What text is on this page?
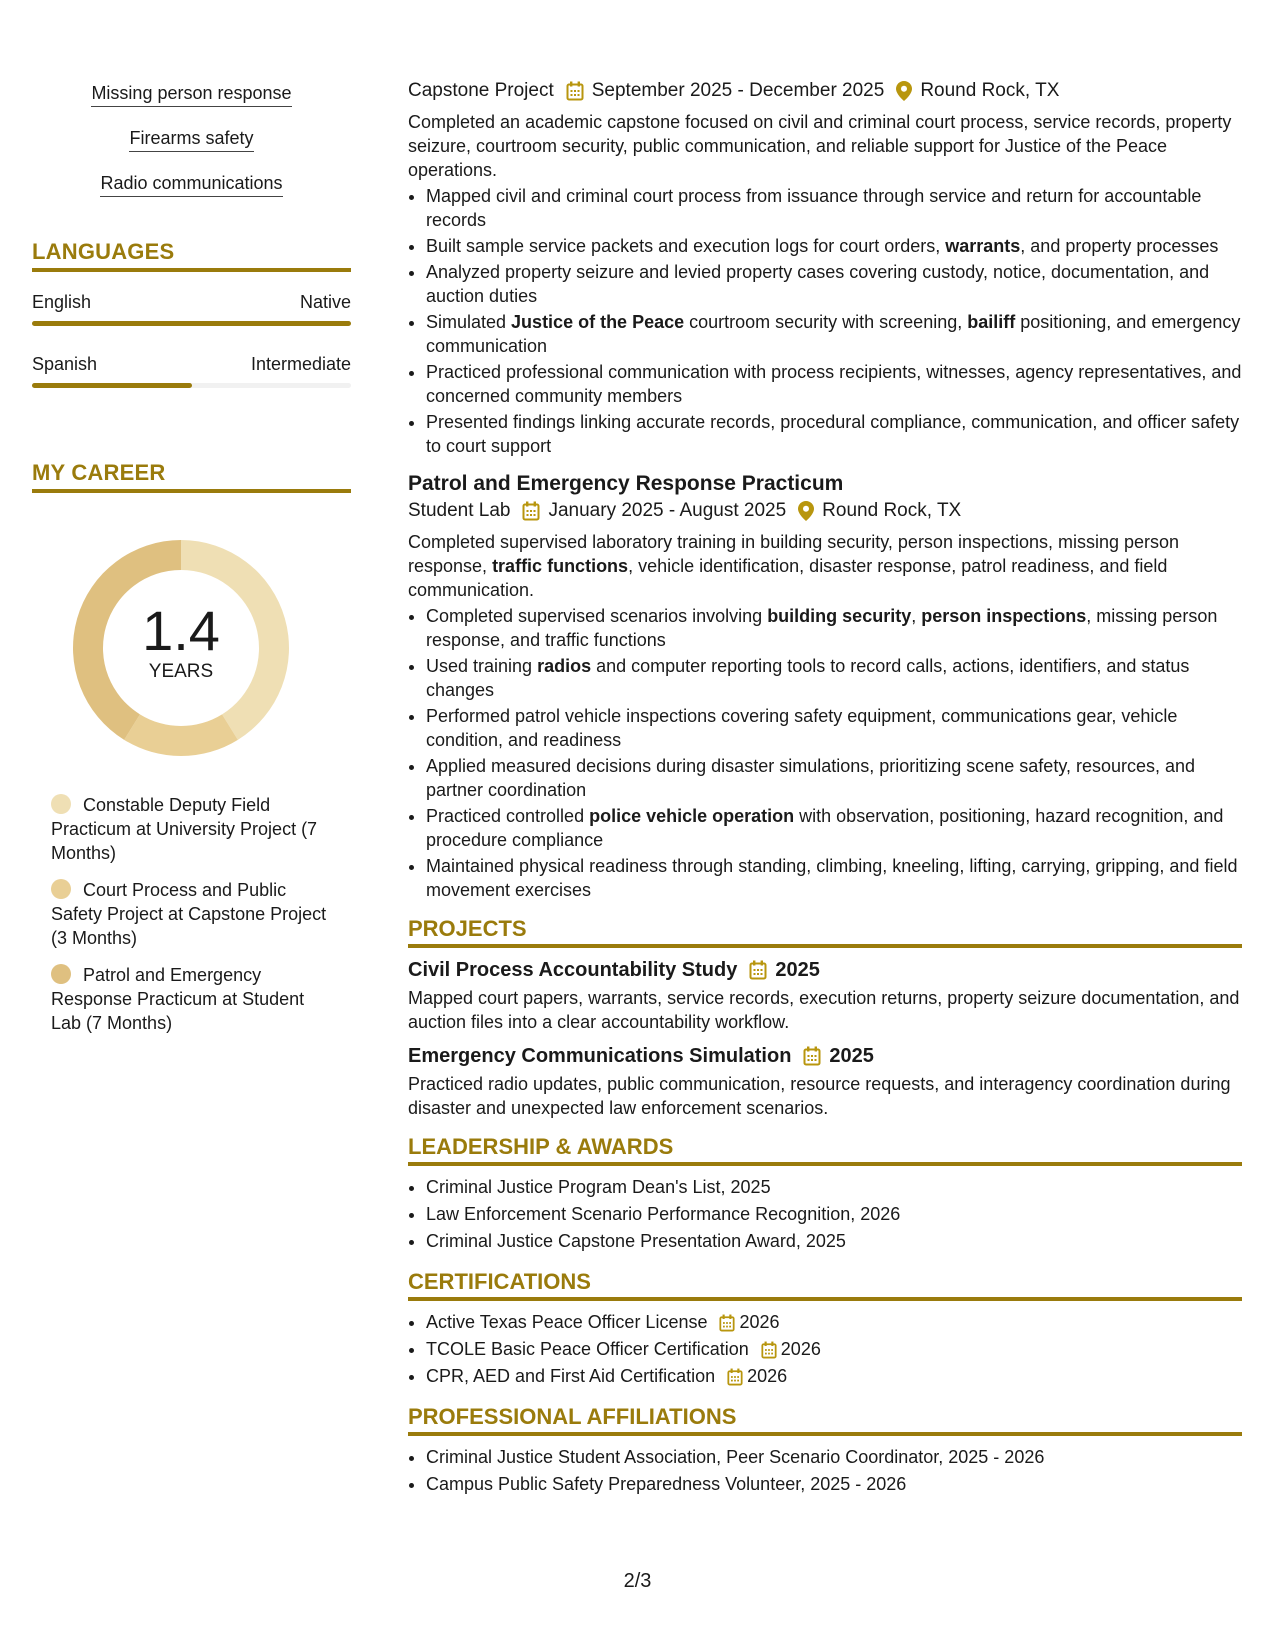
Missing person response
Firearms safety
Radio communications
LANGUAGES
English	Native
Spanish	Intermediate
MY CAREER
1.4
YEARS
Constable Deputy Field Practicum at University Project (7 Months)
Court Process and Public Safety Project at Capstone Project (3 Months)
Patrol and Emergency Response Practicum at Student Lab (7 Months)
Capstone Project September 2025 - December 2025 Round Rock, TX

Completed an academic capstone focused on civil and criminal court process, service records, property seizure, courtroom security, public communication, and reliable support for Justice of the Peace operations.

• Mapped civil and criminal court process from issuance through service and return for accountable records
• Built sample service packets and execution logs for court orders, warrants, and property processes
• Analyzed property seizure and levied property cases covering custody, notice, documentation, and auction duties
• Simulated Justice of the Peace courtroom security with screening, bailiff positioning, and emergency communication
• Practiced professional communication with process recipients, witnesses, agency representatives, and concerned community members
• Presented findings linking accurate records, procedural compliance, communication, and officer safety to court support
Patrol and Emergency Response Practicum
Student Lab January 2025 - August 2025 Round Rock, TX

Completed supervised laboratory training in building security, person inspections, missing person response, traffic functions, vehicle identification, disaster response, patrol readiness, and field communication.

• Completed supervised scenarios involving building security, person inspections, missing person response, and traffic functions
• Used training radios and computer reporting tools to record calls, actions, identifiers, and status changes
• Performed patrol vehicle inspections covering safety equipment, communications gear, vehicle condition, and readiness
• Applied measured decisions during disaster simulations, prioritizing scene safety, resources, and partner coordination
• Practiced controlled police vehicle operation with observation, positioning, hazard recognition, and procedure compliance
• Maintained physical readiness through standing, climbing, kneeling, lifting, carrying, gripping, and field movement exercises
PROJECTS
Civil Process Accountability Study 2025

Mapped court papers, warrants, service records, execution returns, property seizure documentation, and auction files into a clear accountability workflow.

Emergency Communications Simulation 2025

Practiced radio updates, public communication, resource requests, and interagency coordination during disaster and unexpected law enforcement scenarios.

LEADERSHIP & AWARDS
• Criminal Justice Program Dean's List, 2025
• Law Enforcement Scenario Performance Recognition, 2026
• Criminal Justice Capstone Presentation Award, 2025
CERTIFICATIONS
• Active Texas Peace Officer License 2026
• TCOLE Basic Peace Officer Certification 2026
• CPR, AED and First Aid Certification 2026
PROFESSIONAL AFFILIATIONS
• Criminal Justice Student Association, Peer Scenario Coordinator, 2025 - 2026
• Campus Public Safety Preparedness Volunteer, 2025 - 2026
2/3
